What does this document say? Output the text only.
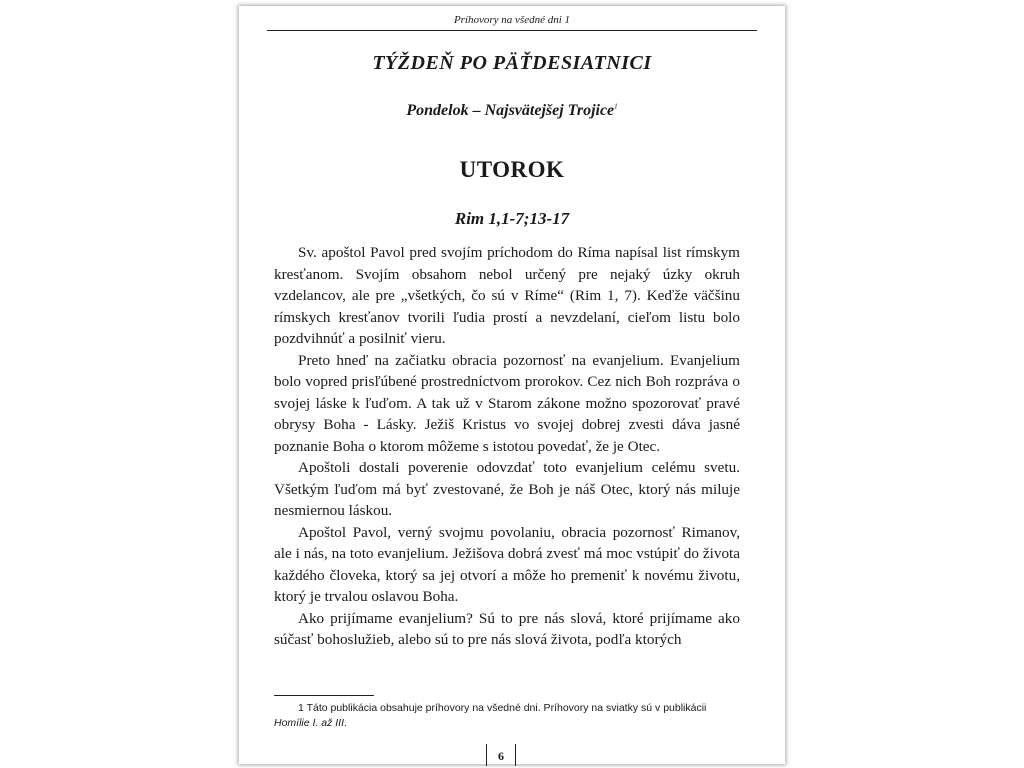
Príhovory na všedné dni 1
TÝŽDEŇ PO PÄŤDESIATNICI
Pondelok – Najsvätejšej Trojice$^1$
UTOROK
Rim 1,1-7;13-17

Sv. apoštol Pavol pred svojím príchodom do Ríma napísal list rímskym kresťanom. Svojím obsahom nebol určený pre nejaký úzky okruh vzdelancov, ale pre „všetkých, čo sú v Ríme“ (Rim 1, 7). Keďže väčšinu rímskych kresťanov tvorili ľudia prostí a nevzdelaní, cieľom listu bolo pozdvihnúť a posilniť vieru.

Preto hneď na začiatku obracia pozornosť na evanjelium. Evanjelium bolo vopred prisľúbené prostredníctvom prorokov. Cez nich Boh rozpráva o svojej láske k ľuďom. A tak už v Starom zákone možno spozorovať pravé obrysy Boha - Lásky. Ježiš Kristus vo svojej dobrej zvesti dáva jasné poznanie Boha o ktorom môžeme s istotou povedať, že je Otec.

Apoštoli dostali poverenie odovzdať toto evanjelium celému svetu. Všetkým ľuďom má byť zvestované, že Boh je náš Otec, ktorý nás miluje nesmiernou láskou.

Apoštol Pavol, verný svojmu povolaniu, obracia pozornosť Rimanov, ale i nás, na toto evanjelium. Ježišova dobrá zvesť má moc vstúpiť do života každého človeka, ktorý sa jej otvorí a môže ho premeniť k novému životu, ktorý je trvalou oslavou Boha.

Ako prijímame evanjelium? Sú to pre nás slová, ktoré prijímame ako súčasť bohoslužieb, alebo sú to pre nás slová života, podľa ktorých

1 Táto publikácia obsahuje príhovory na všedné dni. Príhovory na sviatky sú v publikácii Homílie I. až III.
6
